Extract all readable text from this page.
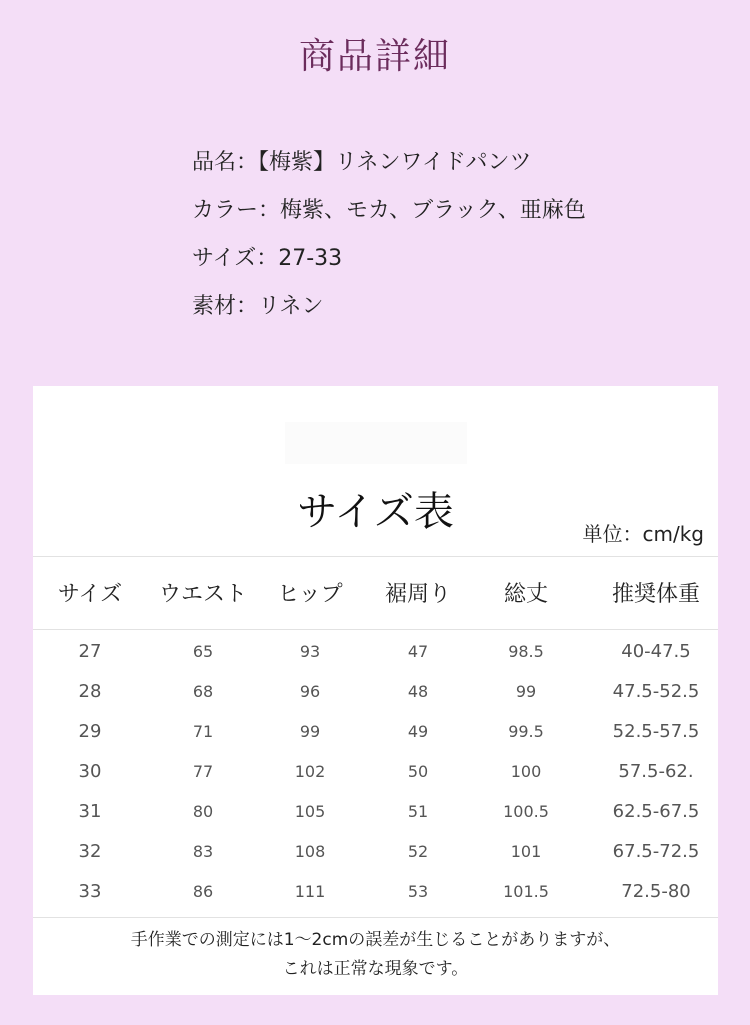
商品詳細
品名：【梅紫】リネンワイドパンツ
カラー：梅紫、モカ、ブラック、亜麻色
サイズ：27-33
素材：リネン
サイズ表	単位：cm/kg
サイズ	ウエスト	ヒップ	裾周り	総丈	推奨体重
27	65	93	47	98.5	40-47.5
28	68	96	48	99	47.5-52.5
29	71	99	49	99.5	52.5-57.5
30	77	102	50	100	57.5-62.
31	80	105	51	100.5	62.5-67.5
32	83	108	52	101	67.5-72.5
33	86	111	53	101.5	72.5-80
手作業での測定には1～2cmの誤差が生じることがありますが、
これは正常な現象です。
